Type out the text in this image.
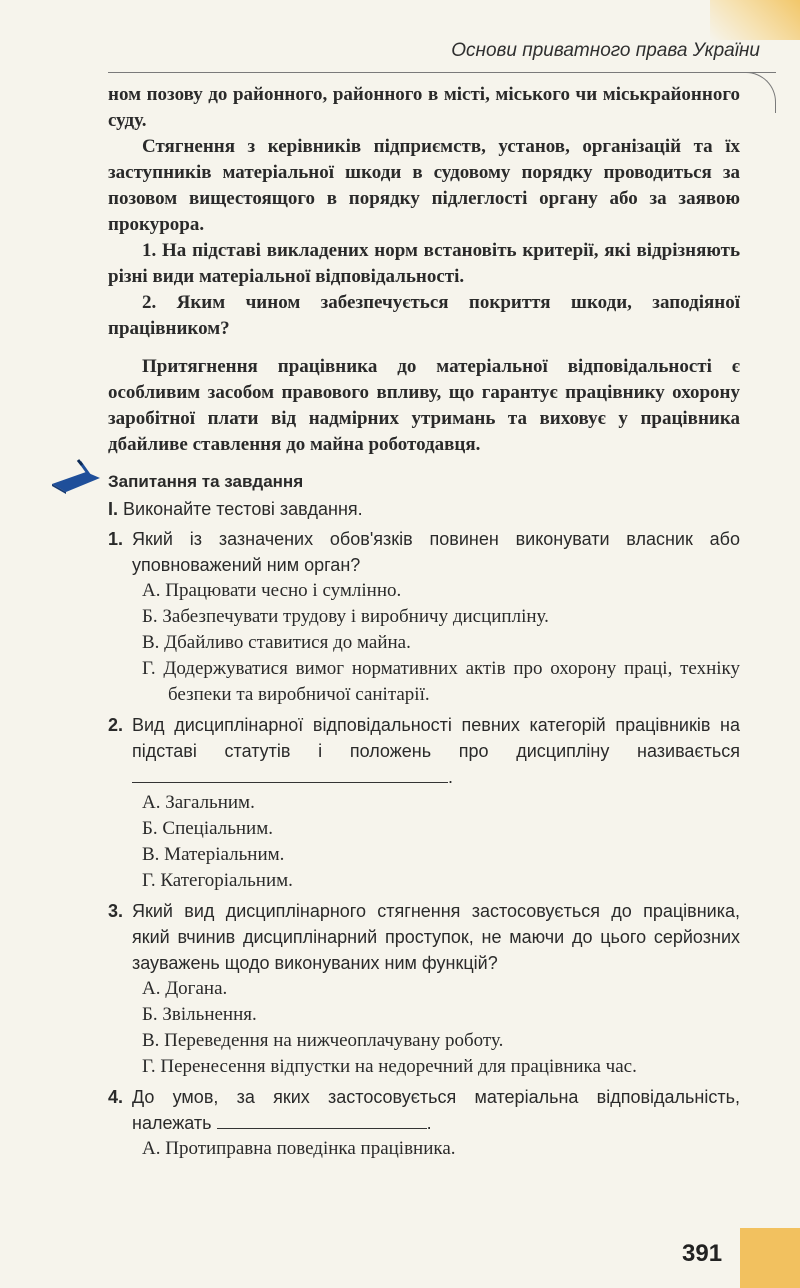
Основи приватного права України

ном позову до районного, районного в місті, міського чи міськрайонного суду.

Стягнення з керівників підприємств, установ, організацій та їх заступників матеріальної шкоди в судовому порядку проводиться за позовом вищестоящого в порядку підлеглості органу або за заявою прокурора.

1. На підставі викладених норм встановіть критерії, які відрізняють різні види матеріальної відповідальності.

2. Яким чином забезпечується покриття шкоди, заподіяної працівником?

Притягнення працівника до матеріальної відповідальності є особливим засобом правового впливу, що гарантує працівнику охорону заробітної плати від надмірних утримань та виховує у працівника дбайливе ставлення до майна роботодавця.

Запитання та завдання

І. Виконайте тестові завдання.

1. Який із зазначених обов'язків повинен виконувати власник або уповноважений ним орган?

А. Працювати чесно і сумлінно.

Б. Забезпечувати трудову і виробничу дисципліну.

В. Дбайливо ставитися до майна.

Г. Додержуватися вимог нормативних актів про охорону праці, техніку безпеки та виробничої санітарії.

2. Вид дисциплінарної відповідальності певних категорій працівників на підставі статутів і положень про дисципліну називається .

А. Загальним.

Б. Спеціальним.

В. Матеріальним.

Г. Категоріальним.

3. Який вид дисциплінарного стягнення застосовується до працівника, який вчинив дисциплінарний проступок, не маючи до цього серйозних зауважень щодо виконуваних ним функцій?

А. Догана.

Б. Звільнення.

В. Переведення на нижчеоплачувану роботу.

Г. Перенесення відпустки на недоречний для працівника час.

4. До умов, за яких застосовується матеріальна відповідальність, належать	.

А. Протиправна поведінка працівника.

391
